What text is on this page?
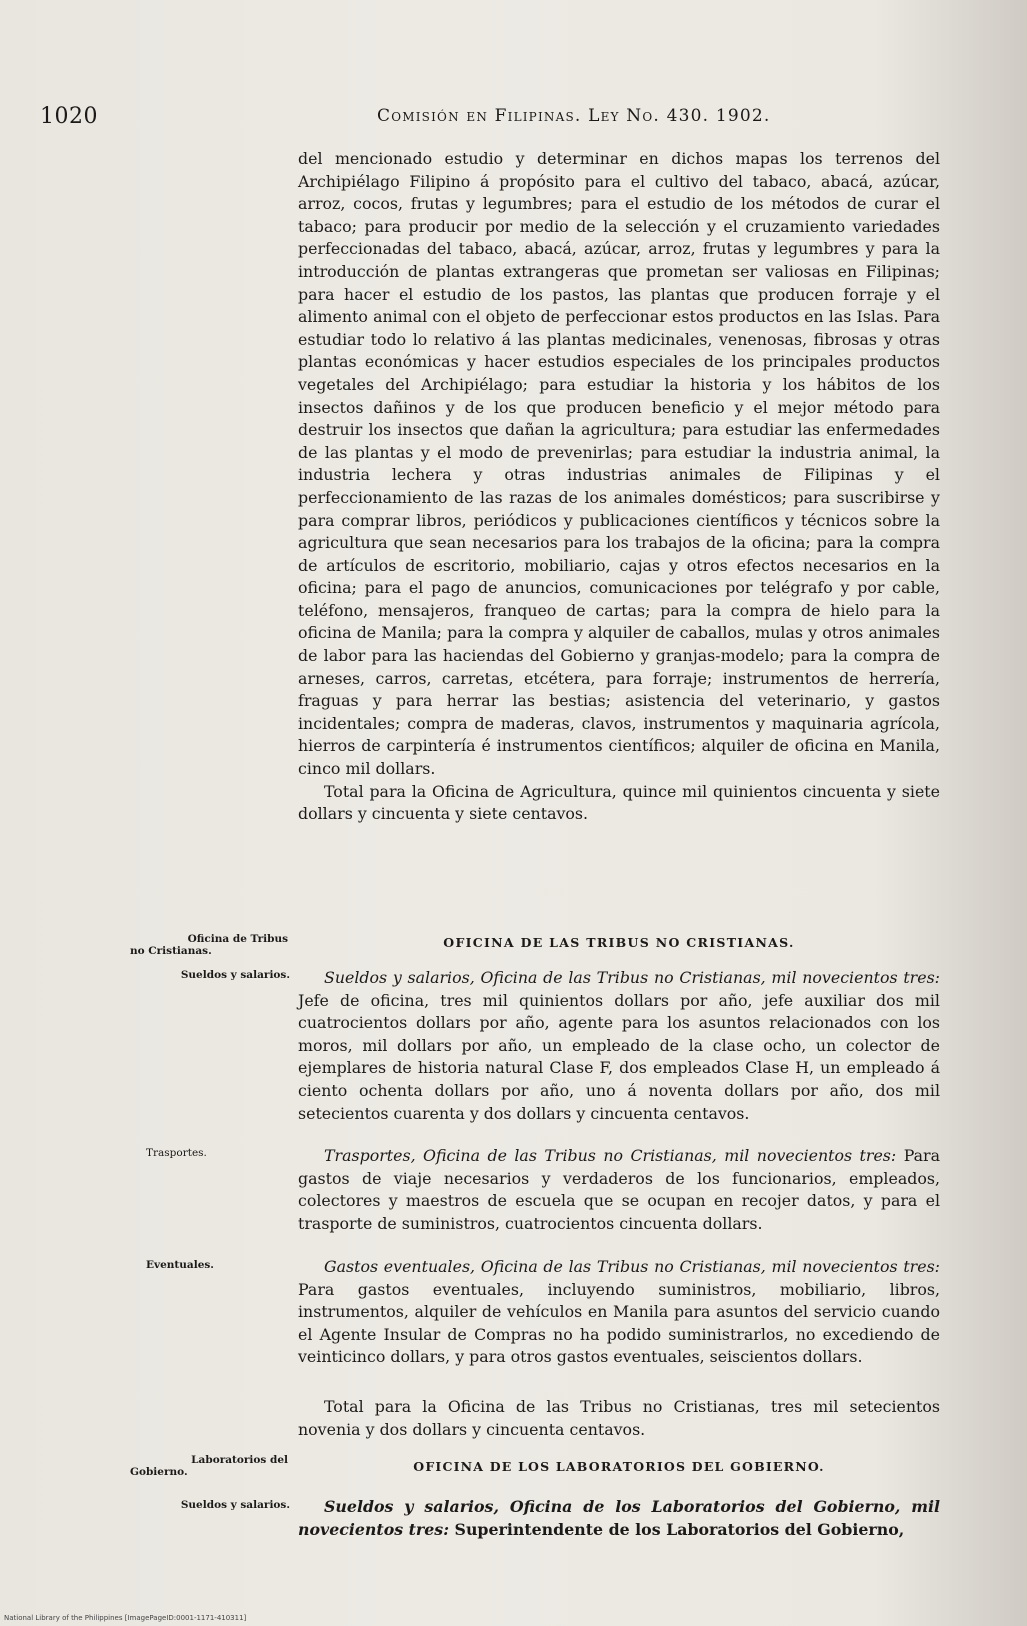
1020	Comisión en Filipinas. Ley No. 430. 1902.

del mencionado estudio y determinar en dichos mapas los terrenos del Archipiélago Filipino á propósito para el cultivo del tabaco, abacá, azúcar, arroz, cocos, frutas y legumbres; para el estudio de los métodos de curar el tabaco; para producir por medio de la selección y el cruzamiento variedades perfeccionadas del tabaco, abacá, azúcar, arroz, frutas y legumbres y para la introducción de plantas extrangeras que prometan ser valiosas en Filipinas; para hacer el estudio de los pastos, las plantas que producen forraje y el alimento animal con el objeto de perfeccionar estos productos en las Islas. Para estudiar todo lo relativo á las plantas medicinales, venenosas, fibrosas y otras plantas económicas y hacer estudios especiales de los principales productos vegetales del Archipiélago; para estudiar la historia y los hábitos de los insectos dañinos y de los que producen beneficio y el mejor método para destruir los insectos que dañan la agricultura; para estudiar las enfermedades de las plantas y el modo de prevenirlas; para estudiar la industria animal, la industria lechera y otras industrias animales de Filipinas y el perfeccionamiento de las razas de los animales domésticos; para suscribirse y para comprar libros, periódicos y publicaciones científicos y técnicos sobre la agricultura que sean necesarios para los trabajos de la oficina; para la compra de artículos de escritorio, mobiliario, cajas y otros efectos necesarios en la oficina; para el pago de anuncios, comunicaciones por telégrafo y por cable, teléfono, mensajeros, franqueo de cartas; para la compra de hielo para la oficina de Manila; para la compra y alquiler de caballos, mulas y otros animales de labor para las haciendas del Gobierno y granjas-modelo; para la compra de arneses, carros, carretas, etcétera, para forraje; instrumentos de herrería, fraguas y para herrar las bestias; asistencia del veterinario, y gastos incidentales; compra de maderas, clavos, instrumentos y maquinaria agrícola, hierros de carpintería é instrumentos científicos; alquiler de oficina en Manila, cinco mil dollars.

Total para la Oficina de Agricultura, quince mil quinientos cincuenta y siete dollars y cincuenta y siete centavos.

Oficina de Tribus
no Cristianas.
OFICINA DE LAS TRIBUS NO CRISTIANAS.
Sueldos y salarios.	Sueldos y salarios, Oficina de las Tribus no Cristianas, mil novecientos tres: Jefe de oficina, tres mil quinientos dollars por año, jefe auxiliar dos mil cuatrocientos dollars por año, agente para los asuntos relacionados con los moros, mil dollars por año, un empleado de la clase ocho, un colector de ejemplares de historia natural Clase F, dos empleados Clase H, un empleado á ciento ochenta dollars por año, uno á noventa dollars por año, dos mil setecientos cuarenta y dos dollars y cincuenta centavos.

Trasportes.	Trasportes, Oficina de las Tribus no Cristianas, mil novecientos tres: Para gastos de viaje necesarios y verdaderos de los funcionarios, empleados, colectores y maestros de escuela que se ocupan en recojer datos, y para el trasporte de suministros, cuatrocientos cincuenta dollars.

Eventuales.	Gastos eventuales, Oficina de las Tribus no Cristianas, mil novecientos tres: Para gastos eventuales, incluyendo suministros, mobiliario, libros, instrumentos, alquiler de vehículos en Manila para asuntos del servicio cuando el Agente Insular de Compras no ha podido suministrarlos, no excediendo de veinticinco dollars, y para otros gastos eventuales, seiscientos dollars.

Total para la Oficina de las Tribus no Cristianas, tres mil setecientos novenia y dos dollars y cincuenta centavos.

Laboratorios del
Gobierno.	OFICINA DE LOS LABORATORIOS DEL GOBIERNO.
Sueldos y salarios.	Sueldos y salarios, Oficina de los Laboratorios del Gobierno, mil novecientos tres: Superintendente de los Laboratorios del Gobierno,

National Library of the Philippines [ImagePageID:0001-1171-410311]
